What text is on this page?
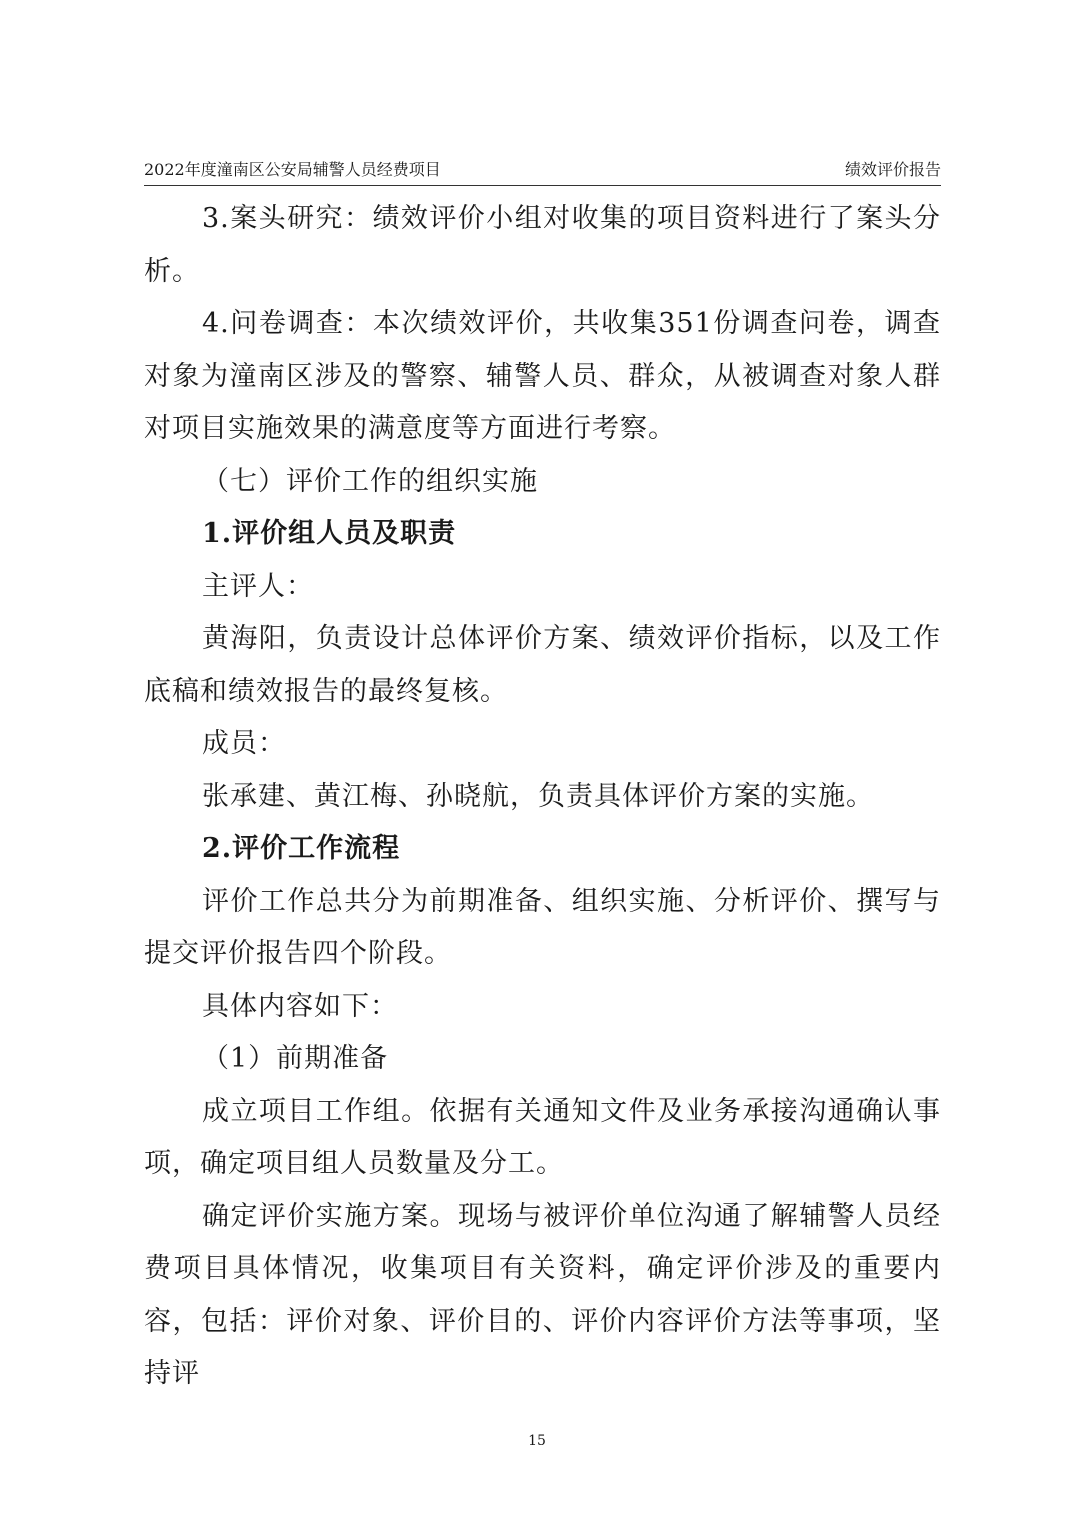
2022年度潼南区公安局辅警人员经费项目	绩效评价报告

3.案头研究：绩效评价小组对收集的项目资料进行了案头分析。

4.问卷调查：本次绩效评价，共收集351份调查问卷，调查对象为潼南区涉及的警察、辅警人员、群众，从被调查对象人群对项目实施效果的满意度等方面进行考察。

（七）评价工作的组织实施

1.评价组人员及职责

主评人：

黄海阳，负责设计总体评价方案、绩效评价指标，以及工作底稿和绩效报告的最终复核。

成员：

张承建、黄江梅、孙晓航，负责具体评价方案的实施。

2.评价工作流程

评价工作总共分为前期准备、组织实施、分析评价、撰写与提交评价报告四个阶段。

具体内容如下：

（1）前期准备

成立项目工作组。依据有关通知文件及业务承接沟通确认事项，确定项目组人员数量及分工。

确定评价实施方案。现场与被评价单位沟通了解辅警人员经费项目具体情况，收集项目有关资料，确定评价涉及的重要内容，包括：评价对象、评价目的、评价内容评价方法等事项，坚持评

15
